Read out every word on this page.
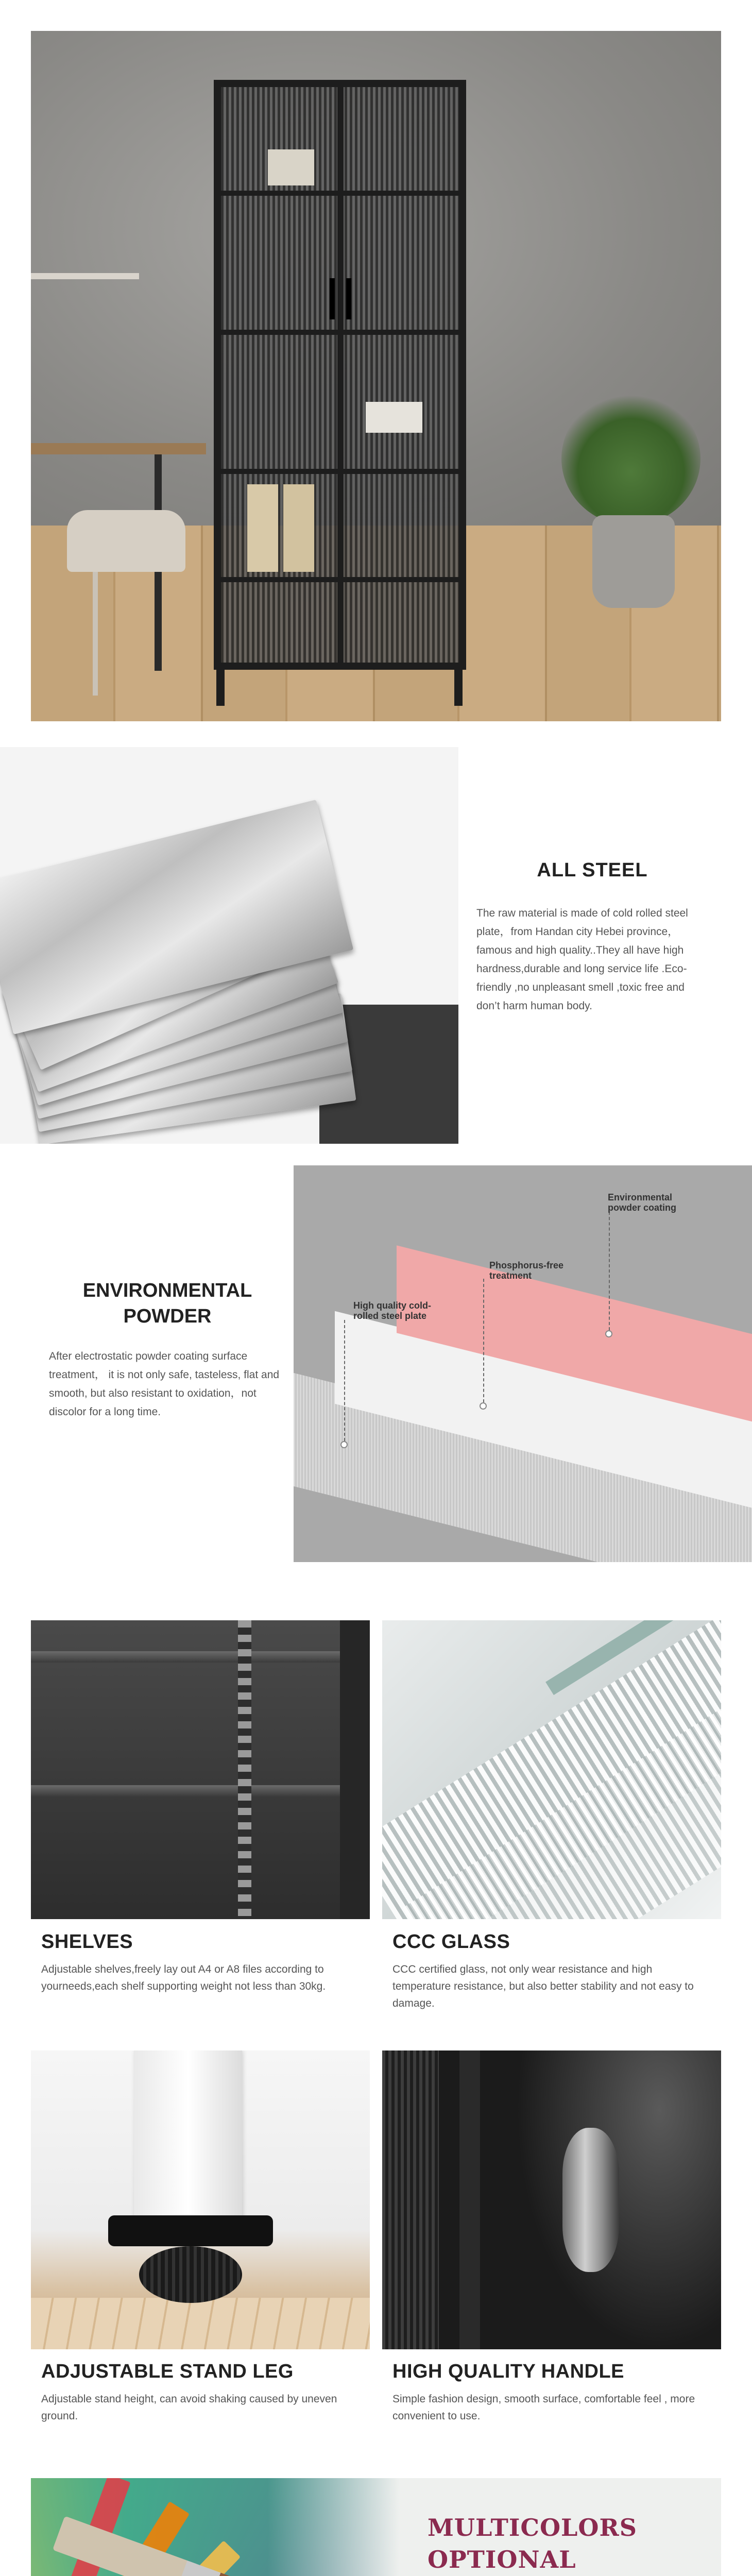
ALL STEEL
The raw material is made of cold rolled steel plate，from Handan city Hebei province，famous and high quality..They all have high hardness,durable and long service life .Eco-friendly ,no unpleasant smell ,toxic free and don’t harm human body.
ENVIRONMENTAL
POWDER
After electrostatic powder coating surface treatment， it is not only safe, tasteless, flat and smooth, but also resistant to oxidation，not discolor for a long time.
Environmental
powder coating
Phosphorus-free
treatment
High quality cold-
rolled steel plate
SHELVES
Adjustable shelves,freely lay out A4 or A8 files according to yourneeds,each shelf supporting weight not less than 30kg.
CCC GLASS
CCC certified glass, not only wear resistance and high temperature resistance, but also better stability and not easy to damage.
ADJUSTABLE STAND LEG
Adjustable stand height, can avoid shaking caused by uneven ground.
HIGH QUALITY HANDLE
Simple fashion design, smooth surface, comfortable feel , more convenient to use.
MULTICOLORS
OPTIONAL
